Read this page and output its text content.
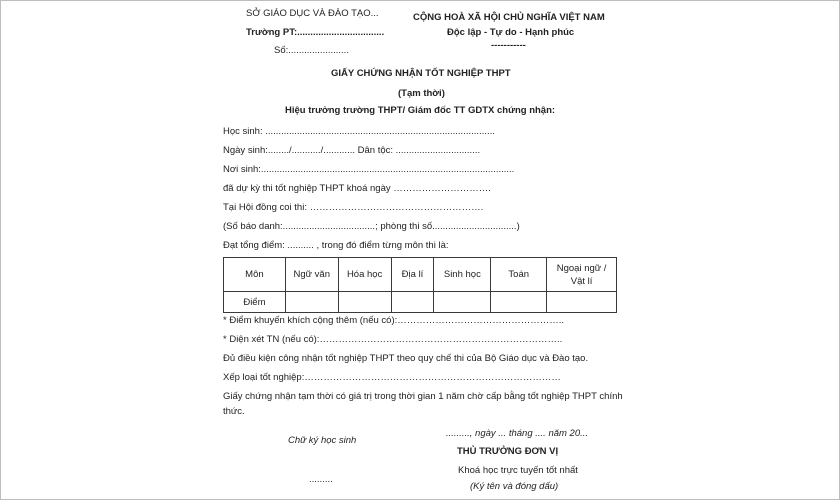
SỞ GIÁO DỤC VÀ ĐÀO TẠO...
Trường PT:.................................
Số:.......................
CỘNG HOÀ XÃ HỘI CHỦ NGHĨA VIỆT NAM
Độc lập - Tự do - Hạnh phúc
-----------
GIẤY CHỨNG NHẬN TỐT NGHIỆP THPT
(Tạm thời)
Hiệu trưởng trường THPT/ Giám đốc TT GDTX chứng nhận:
Học sinh: .......................................................................................
Ngày sinh:......../.........../............ Dân tộc: ................................
Nơi sinh:................................................................................................
đã dự kỳ thi tốt nghiệp THPT khoá ngày ………………………….
Tại Hội đồng coi thi: ……………………………………………….
(Số báo danh:...................................; phòng thi số................................)
Đạt tổng điểm: .......... , trong đó điểm từng môn thi là:
Môn	Ngữ văn	Hóa học	Địa lí	Sinh học	Toán	Ngoại ngữ /
Vật lí
Điểm						
* Điểm khuyến khích cộng thêm (nếu có):……………………………………………..
* Diện xét TN (nếu có):…………………………………………………………………..
Đủ điều kiện công nhận tốt nghiệp THPT theo quy chế thi của Bộ Giáo dục và Đào tạo.
Xếp loại tốt nghiệp:………………………………………………………………………
Giấy chứng nhận tạm thời có giá trị trong thời gian 1 năm chờ cấp bằng tốt nghiệp THPT chính
thức.
Chữ ký học sinh
.........
........., ngày ... tháng .... năm 20...
THỦ TRƯỞNG ĐƠN VỊ
Khoá học trực tuyến tốt nhất
(Ký tên và đóng dấu)
